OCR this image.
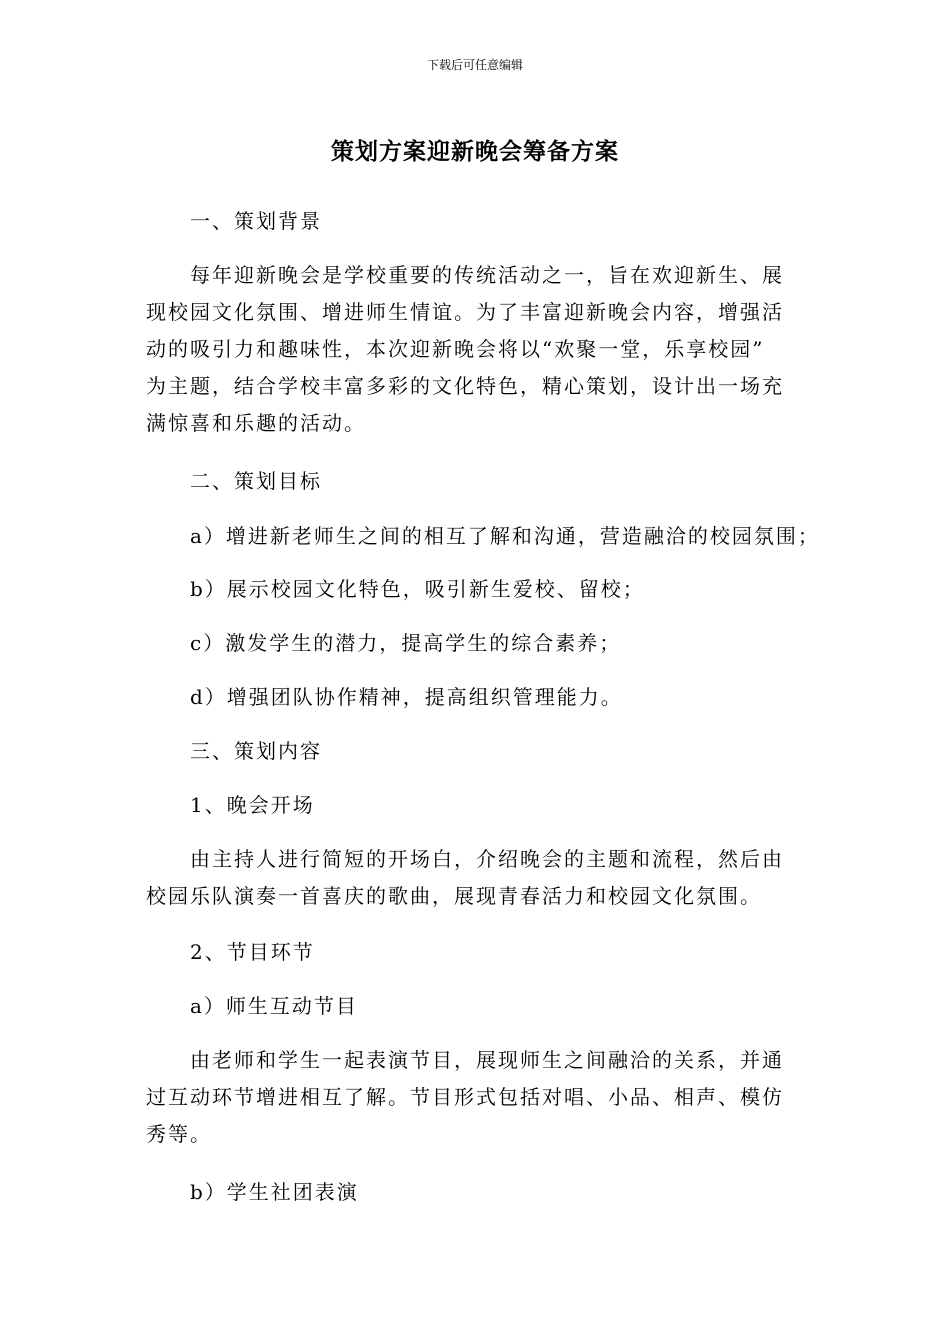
下载后可任意编辑
策划方案迎新晚会筹备方案
一、策划背景
每年迎新晚会是学校重要的传统活动之一，旨在欢迎新生、展
现校园文化氛围、增进师生情谊。为了丰富迎新晚会内容，增强活
动的吸引力和趣味性，本次迎新晚会将以“欢聚一堂，乐享校园”
为主题，结合学校丰富多彩的文化特色，精心策划，设计出一场充
满惊喜和乐趣的活动。
二、策划目标
a）增进新老师生之间的相互了解和沟通，营造融洽的校园氛围；
b）展示校园文化特色，吸引新生爱校、留校；
c）激发学生的潜力，提高学生的综合素养；
d）增强团队协作精神，提高组织管理能力。
三、策划内容
1、晚会开场
由主持人进行简短的开场白，介绍晚会的主题和流程，然后由
校园乐队演奏一首喜庆的歌曲，展现青春活力和校园文化氛围。
2、节目环节
a）师生互动节目
由老师和学生一起表演节目，展现师生之间融洽的关系，并通
过互动环节增进相互了解。节目形式包括对唱、小品、相声、模仿
秀等。
b）学生社团表演
